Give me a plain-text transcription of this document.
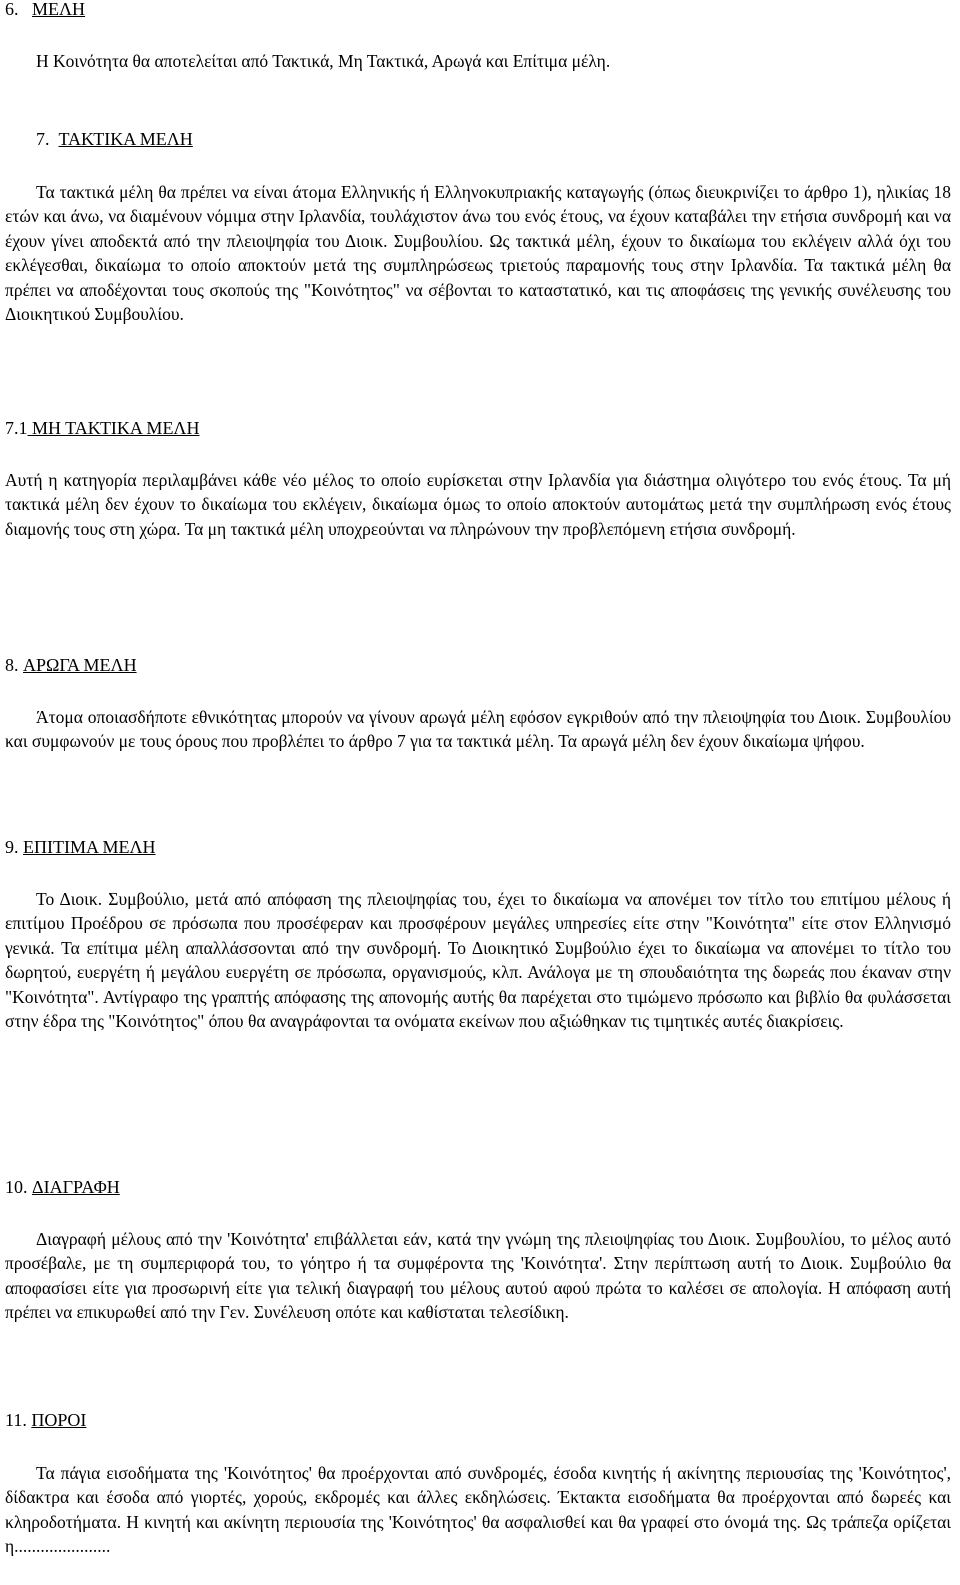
6. ΜΕΛΗ
Η Κοινότητα θα αποτελείται από Τακτικά, Μη Τακτικά, Αρωγά και Επίτιμα μέλη.
7. ΤΑΚΤΙΚΑ ΜΕΛΗ
Τα τακτικά μέλη θα πρέπει να είναι άτομα Ελληνικής ή Ελληνοκυπριακής καταγωγής (όπως διευκρινίζει το άρθρο 1), ηλικίας 18 ετών και άνω, να διαμένουν νόμιμα στην Ιρλανδία, τουλάχιστον άνω του ενός έτους, να έχουν καταβάλει την ετήσια συνδρομή και να έχουν γίνει αποδεκτά από την πλειοψηφία του Διοικ. Συμβουλίου. Ως τακτικά μέλη, έχουν το δικαίωμα του εκλέγειν αλλά όχι του εκλέγεσθαι, δικαίωμα το οποίο αποκτούν μετά της συμπληρώσεως τριετούς παραμονής τους στην Ιρλανδία. Τα τακτικά μέλη θα πρέπει να αποδέχονται τους σκοπούς της "Κοινότητος" να σέβονται το καταστατικό, και τις αποφάσεις της γενικής συνέλευσης του Διοικητικού Συμβουλίου.
7.1 ΜΗ ΤΑΚΤΙΚΑ ΜΕΛΗ
Αυτή η κατηγορία περιλαμβάνει κάθε νέο μέλος το οποίο ευρίσκεται στην Ιρλανδία για διάστημα ολιγότερο του ενός έτους. Τα μή τακτικά μέλη δεν έχουν το δικαίωμα του εκλέγειν, δικαίωμα όμως το οποίο αποκτούν αυτομάτως μετά την συμπλήρωση ενός έτους διαμονής τους στη χώρα. Τα μη τακτικά μέλη υποχρεούνται να πληρώνουν την προβλεπόμενη ετήσια συνδρομή.
8. ΑΡΩΓΑ ΜΕΛΗ
Άτομα οποιασδήποτε εθνικότητας μπορούν να γίνουν αρωγά μέλη εφόσον εγκριθούν από την πλειοψηφία του Διοικ. Συμβουλίου και συμφωνούν με τους όρους που προβλέπει το άρθρο 7 για τα τακτικά μέλη. Τα αρωγά μέλη δεν έχουν δικαίωμα ψήφου.
9. ΕΠΙΤΙΜΑ ΜΕΛΗ
Το Διοικ. Συμβούλιο, μετά από απόφαση της πλειοψηφίας του, έχει το δικαίωμα να απονέμει τον τίτλο του επιτίμου μέλους ή επιτίμου Προέδρου σε πρόσωπα που προσέφεραν και προσφέρουν μεγάλες υπηρεσίες είτε στην "Κοινότητα" είτε στον Ελληνισμό γενικά. Τα επίτιμα μέλη απαλλάσσονται από την συνδρομή. Το Διοικητικό Συμβούλιο έχει το δικαίωμα να απονέμει το τίτλο του δωρητού, ευεργέτη ή μεγάλου ευεργέτη σε πρόσωπα, οργανισμούς, κλπ. Ανάλογα με τη σπουδαιότητα της δωρεάς που έκαναν στην "Κοινότητα". Αντίγραφο της γραπτής απόφασης της απονομής αυτής θα παρέχεται στο τιμώμενο πρόσωπο και βιβλίο θα φυλάσσεται στην έδρα της "Κοινότητος" όπου θα αναγράφονται τα ονόματα εκείνων που αξιώθηκαν τις τιμητικές αυτές διακρίσεις.
10. ΔΙΑΓΡΑΦΗ
Διαγραφή μέλους από την 'Κοινότητα' επιβάλλεται εάν, κατά την γνώμη της πλειοψηφίας του Διοικ. Συμβουλίου, το μέλος αυτό προσέβαλε, με τη συμπεριφορά του, το γόητρο ή τα συμφέροντα της 'Κοινότητα'. Στην περίπτωση αυτή το Διοικ. Συμβούλιο θα αποφασίσει είτε για προσωρινή είτε για τελική διαγραφή του μέλους αυτού αφού πρώτα το καλέσει σε απολογία. Η απόφαση αυτή πρέπει να επικυρωθεί από την Γεν. Συνέλευση οπότε και καθίσταται τελεσίδικη.
11. ΠΟΡΟΙ
Τα πάγια εισοδήματα της 'Κοινότητος' θα προέρχονται από συνδρομές, έσοδα κινητής ή ακίνητης περιουσίας της 'Κοινότητος', δίδακτρα και έσοδα από γιορτές, χορούς, εκδρομές και άλλες εκδηλώσεις. Έκτακτα εισοδήματα θα προέρχονται από δωρεές και κληροδοτήματα. Η κινητή και ακίνητη περιουσία της 'Κοινότητος' θα ασφαλισθεί και θα γραφεί στο όνομά της. Ως τράπεζα ορίζεται η......................
